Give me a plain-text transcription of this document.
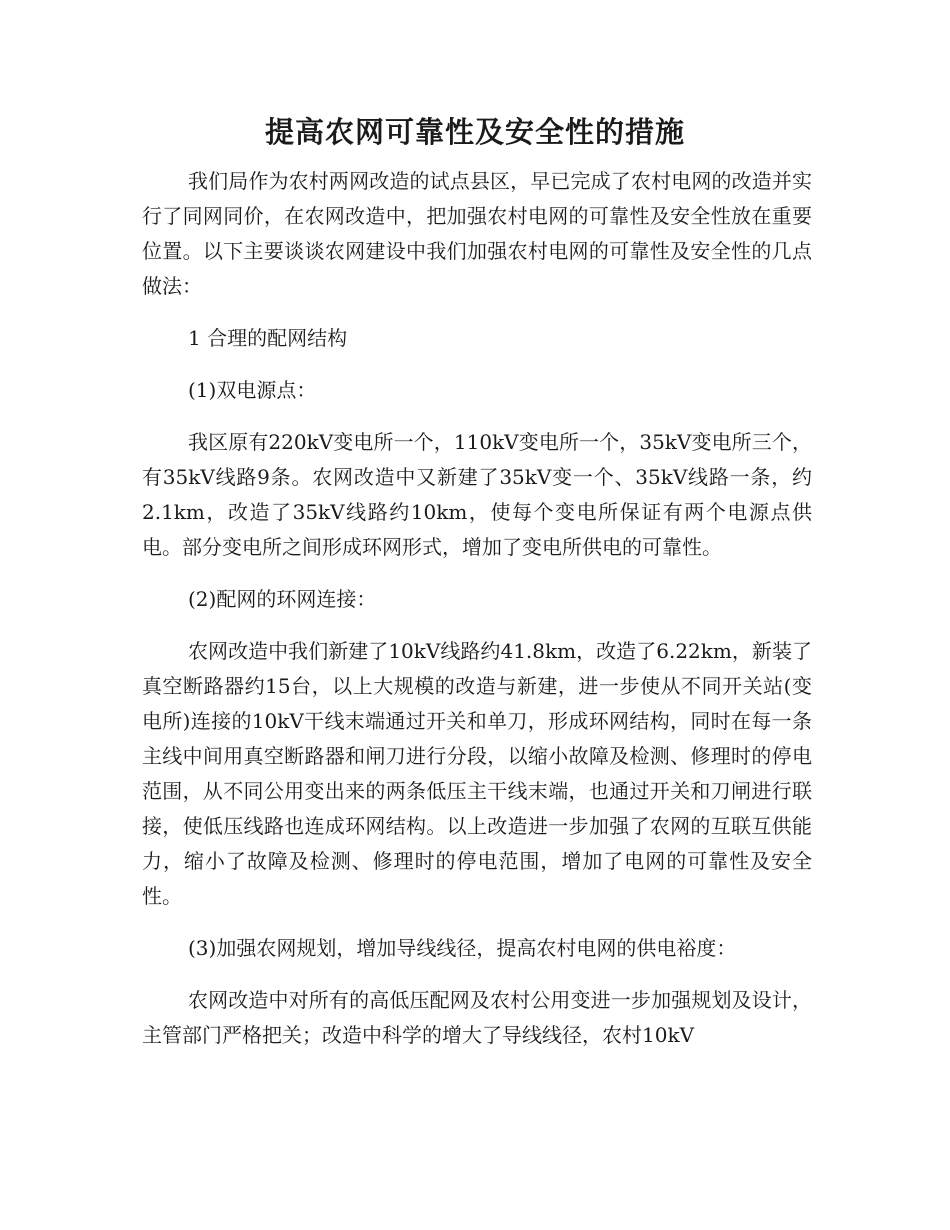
提高农网可靠性及安全性的措施

我们局作为农村两网改造的试点县区，早已完成了农村电网的改造并实行了同网同价，在农网改造中，把加强农村电网的可靠性及安全性放在重要位置。以下主要谈谈农网建设中我们加强农村电网的可靠性及安全性的几点做法：

1 合理的配网结构

(1)双电源点：

我区原有220kV变电所一个，110kV变电所一个，35kV变电所三个，有35kV线路9条。农网改造中又新建了35kV变一个、35kV线路一条，约2.1km，改造了35kV线路约10km，使每个变电所保证有两个电源点供电。部分变电所之间形成环网形式，增加了变电所供电的可靠性。

(2)配网的环网连接：

农网改造中我们新建了10kV线路约41.8km，改造了6.22km，新装了真空断路器约15台，以上大规模的改造与新建，进一步使从不同开关站(变电所)连接的10kV干线末端通过开关和单刀，形成环网结构，同时在每一条主线中间用真空断路器和闸刀进行分段，以缩小故障及检测、修理时的停电范围，从不同公用变出来的两条低压主干线末端，也通过开关和刀闸进行联接，使低压线路也连成环网结构。以上改造进一步加强了农网的互联互供能力，缩小了故障及检测、修理时的停电范围，增加了电网的可靠性及安全性。

(3)加强农网规划，增加导线线径，提高农村电网的供电裕度：

农网改造中对所有的高低压配网及农村公用变进一步加强规划及设计，主管部门严格把关；改造中科学的增大了导线线径，农村10kV
